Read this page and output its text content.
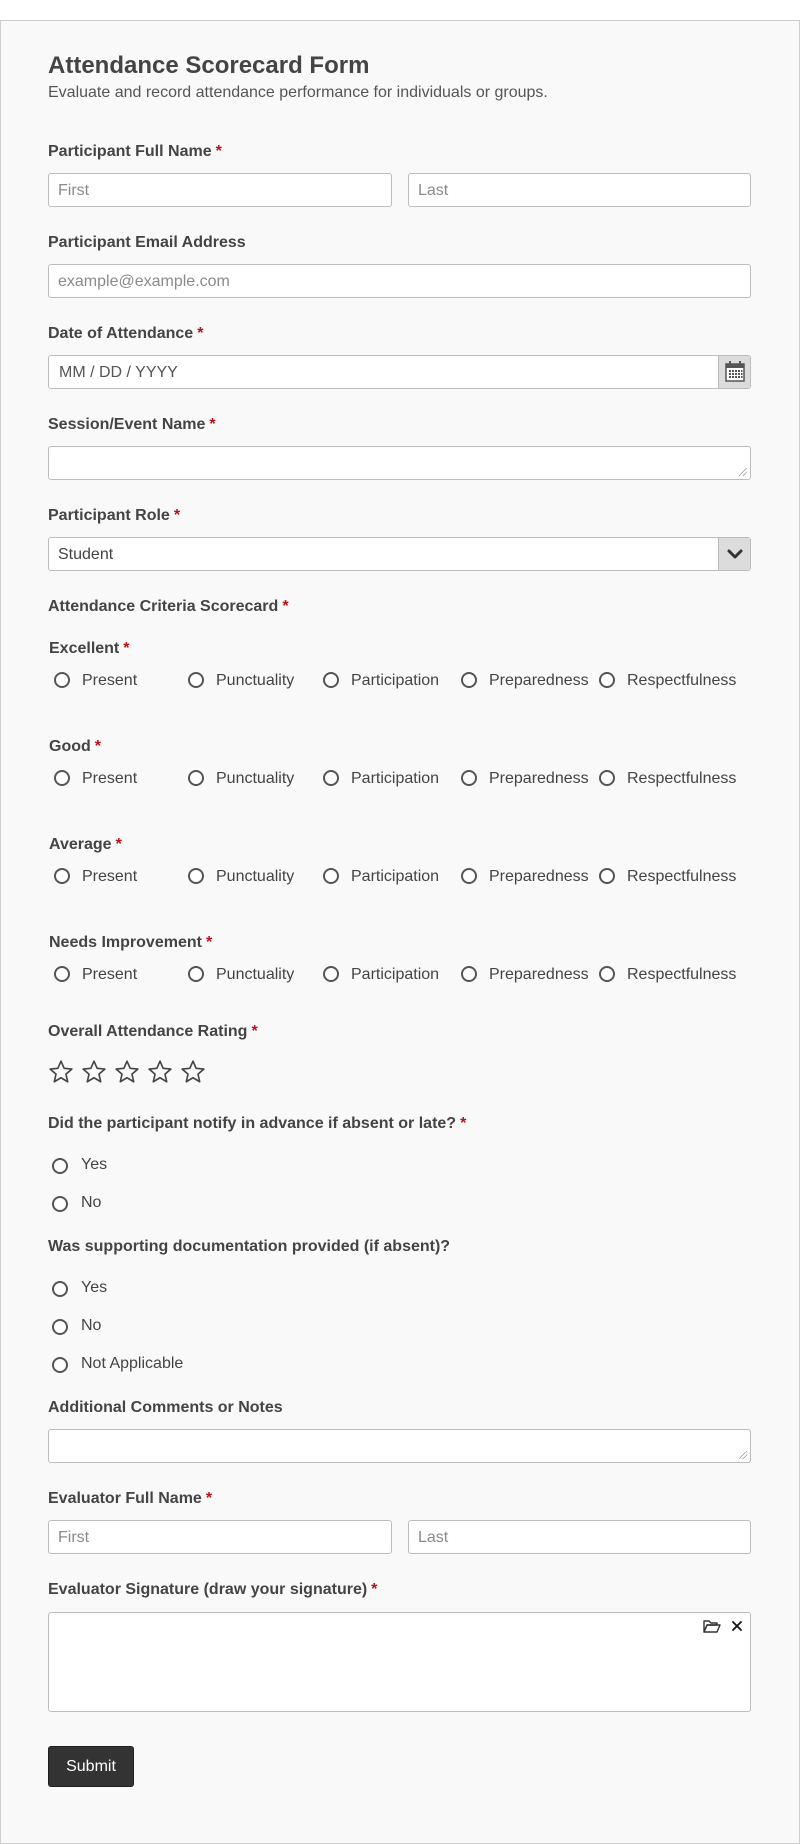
Attendance Scorecard Form
Evaluate and record attendance performance for individuals or groups.
Participant Full Name *
First	Last
Participant Email Address
example@example.com
Date of Attendance *
MM / DD / YYYY
Session/Event Name *
Participant Role *
Student
Attendance Criteria Scorecard *
Excellent *
Present	Punctuality	Participation	Preparedness Respectfulness
Good *
Present	Punctuality	Participation	Preparedness Respectfulness
Average *
Present	Punctuality	Participation	Preparedness Respectfulness
Needs Improvement *
Present	Punctuality	Participation	Preparedness Respectfulness
Overall Attendance Rating *
Did the participant notify in advance if absent or late? *
Yes
No
Was supporting documentation provided (if absent)?
Yes
No
Not Applicable
Additional Comments or Notes
Evaluator Full Name *
First	Last
Evaluator Signature (draw your signature) *
Submit
